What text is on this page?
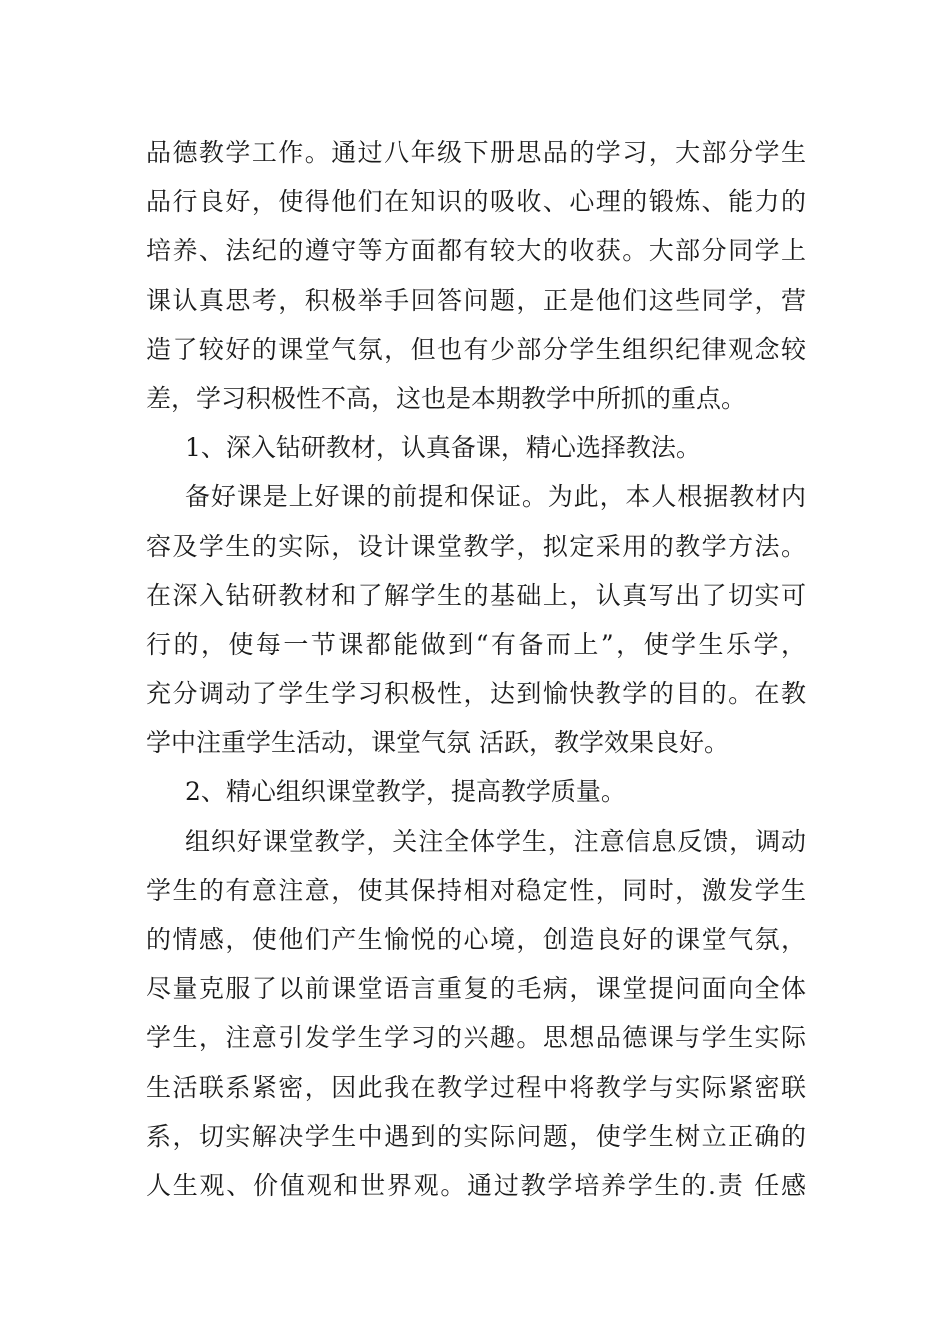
品德教学工作。通过八年级下册思品的学习，大部分学生
品行良好，使得他们在知识的吸收、心理的锻炼、能力的
培养、法纪的遵守等方面都有较大的收获。大部分同学上
课认真思考，积极举手回答问题，正是他们这些同学，营
造了较好的课堂气氛，但也有少部分学生组织纪律观念较
差，学习积极性不高，这也是本期教学中所抓的重点。
1、深入钻研教材，认真备课，精心选择教法。
备好课是上好课的前提和保证。为此，本人根据教材内
容及学生的实际，设计课堂教学，拟定采用的教学方法。
在深入钻研教材和了解学生的基础上，认真写出了切实可
行的，使每一节课都能做到“有备而上”，使学生乐学，
充分调动了学生学习积极性，达到愉快教学的目的。在教
学中注重学生活动，课堂气氛 活跃，教学效果良好。
2、精心组织课堂教学，提高教学质量。
组织好课堂教学，关注全体学生，注意信息反馈，调动
学生的有意注意，使其保持相对稳定性，同时，激发学生
的情感，使他们产生愉悦的心境，创造良好的课堂气氛，
尽量克服了以前课堂语言重复的毛病，课堂提问面向全体
学生，注意引发学生学习的兴趣。思想品德课与学生实际
生活联系紧密，因此我在教学过程中将教学与实际紧密联
系，切实解决学生中遇到的实际问题，使学生树立正确的
人生观、价值观和世界观。通过教学培养学生的.责 任感
